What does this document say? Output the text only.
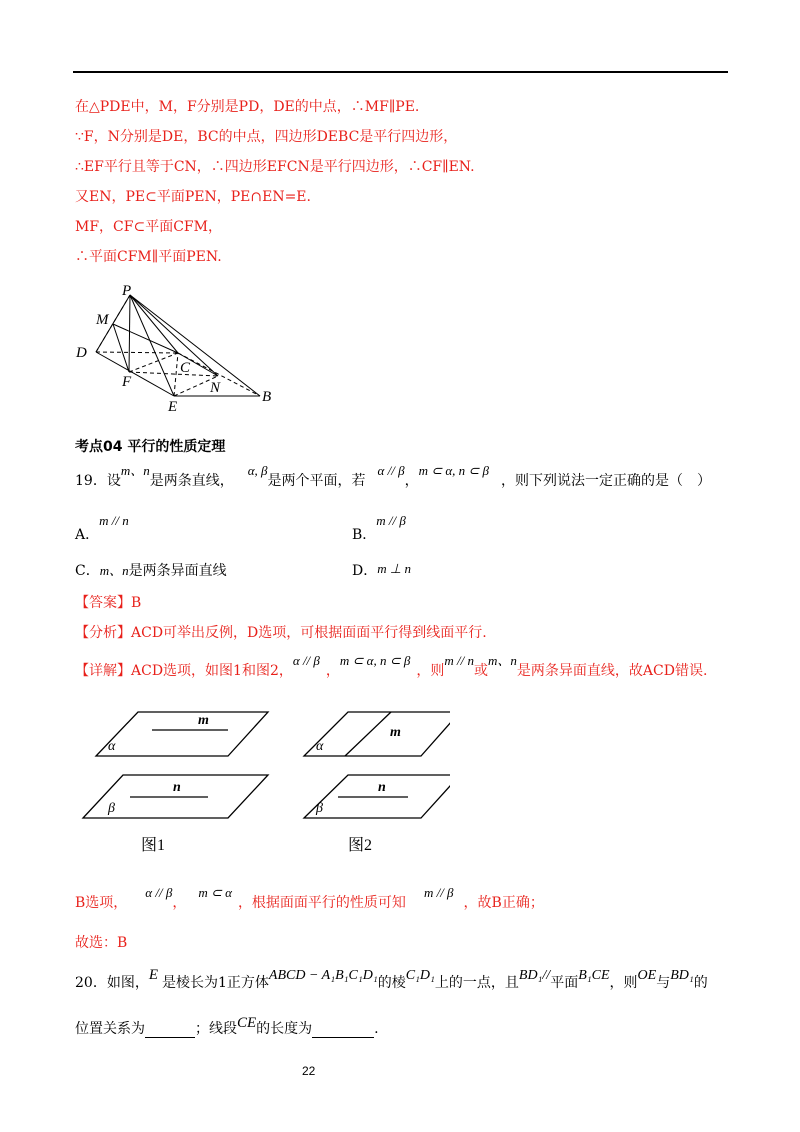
在△PDE中，M，F分别是PD，DE的中点，∴MF∥PE.
∵F，N分别是DE，BC的中点，四边形DEBC是平行四边形，
∴EF平行且等于CN，∴四边形EFCN是平行四边形，∴CF∥EN.
又EN，PE⊂平面PEN，PE∩EN=E.
MF，CF⊂平面CFM，
∴平面CFM∥平面PEN.
P
M
D
C
F	N
E
B
考点04 平行的性质定理
19．设m、n是两条直线，α, β是两个平面，若α // β，m ⊂ α, n ⊂ β，则下列说法一定正确的是（　）
A．m // n
B．m // β
C．m、n是两条异面直线	D．m ⊥ n
【答案】B
【分析】ACD可举出反例，D选项，可根据面面平行得到线面平行.
【详解】ACD选项，如图1和图2，α // β，m ⊂ α, n ⊂ β，则m // n或m、n是两条异面直线，故ACD错误.
m
α
n
β
m
α
n
β
图1	图2
B选项，α // β，m ⊂ α，根据面面平行的性质可知m // β，故B正确；
故选：B
20．如图，E 是棱长为1正方体ABCD − A₁B₁C₁D₁的棱C₁D₁上的一点，且BD₁//平面B₁CE，则OE与BD₁的
位置关系为	；线段CE的长度为	.
22
